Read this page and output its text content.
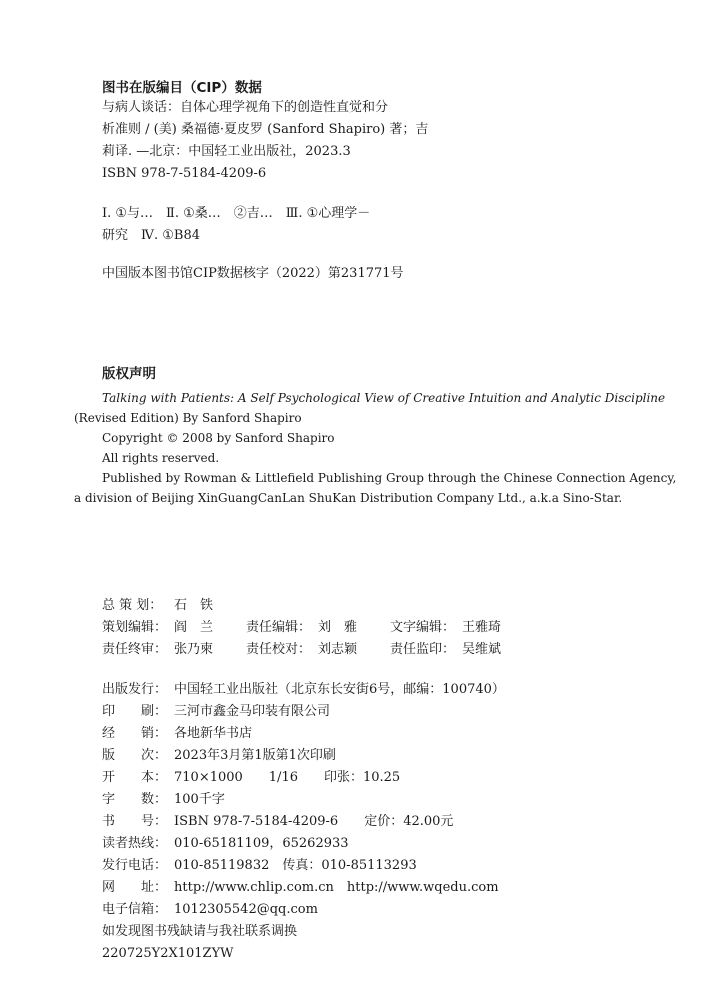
图书在版编目（CIP）数据
与病人谈话：自体心理学视角下的创造性直觉和分
析准则 / (美) 桑福德·夏皮罗 (Sanford Shapiro) 著；吉
莉译. —北京：中国轻工业出版社，2023.3
ISBN 978-7-5184-4209-6
Ⅰ. ①与…　Ⅱ. ①桑…　②吉…　Ⅲ. ①心理学－
研究　Ⅳ. ①B84
中国版本图书馆CIP数据核字（2022）第231771号
版权声明
Talking with Patients: A Self Psychological View of Creative Intuition and Analytic Discipline
(Revised Edition) By Sanford Shapiro
Copyright © 2008 by Sanford Shapiro
All rights reserved.
Published by Rowman & Littlefield Publishing Group through the Chinese Connection Agency,
a division of Beijing XinGuangCanLan ShuKan Distribution Company Ltd., a.k.a Sino-Star.
总 策 划： 石　铁
策划编辑： 阎　兰	责任编辑： 刘　雅	文字编辑： 王雅琦
责任终审： 张乃柬	责任校对： 刘志颖	责任监印： 吴维斌
出版发行： 中国轻工业出版社（北京东长安街6号，邮编：100740）
印　　刷： 三河市鑫金马印装有限公司
经　　销： 各地新华书店
版　　次： 2023年3月第1版第1次印刷
开　　本： 710×1000　　1/16　　印张：10.25
字　　数： 100千字
书　　号： ISBN 978-7-5184-4209-6　　定价：42.00元
读者热线： 010-65181109，65262933
发行电话： 010-85119832　传真：010-85113293
网　　址： http://www.chlip.com.cn　http://www.wqedu.com
电子信箱： 1012305542@qq.com
如发现图书残缺请与我社联系调换
220725Y2X101ZYW
